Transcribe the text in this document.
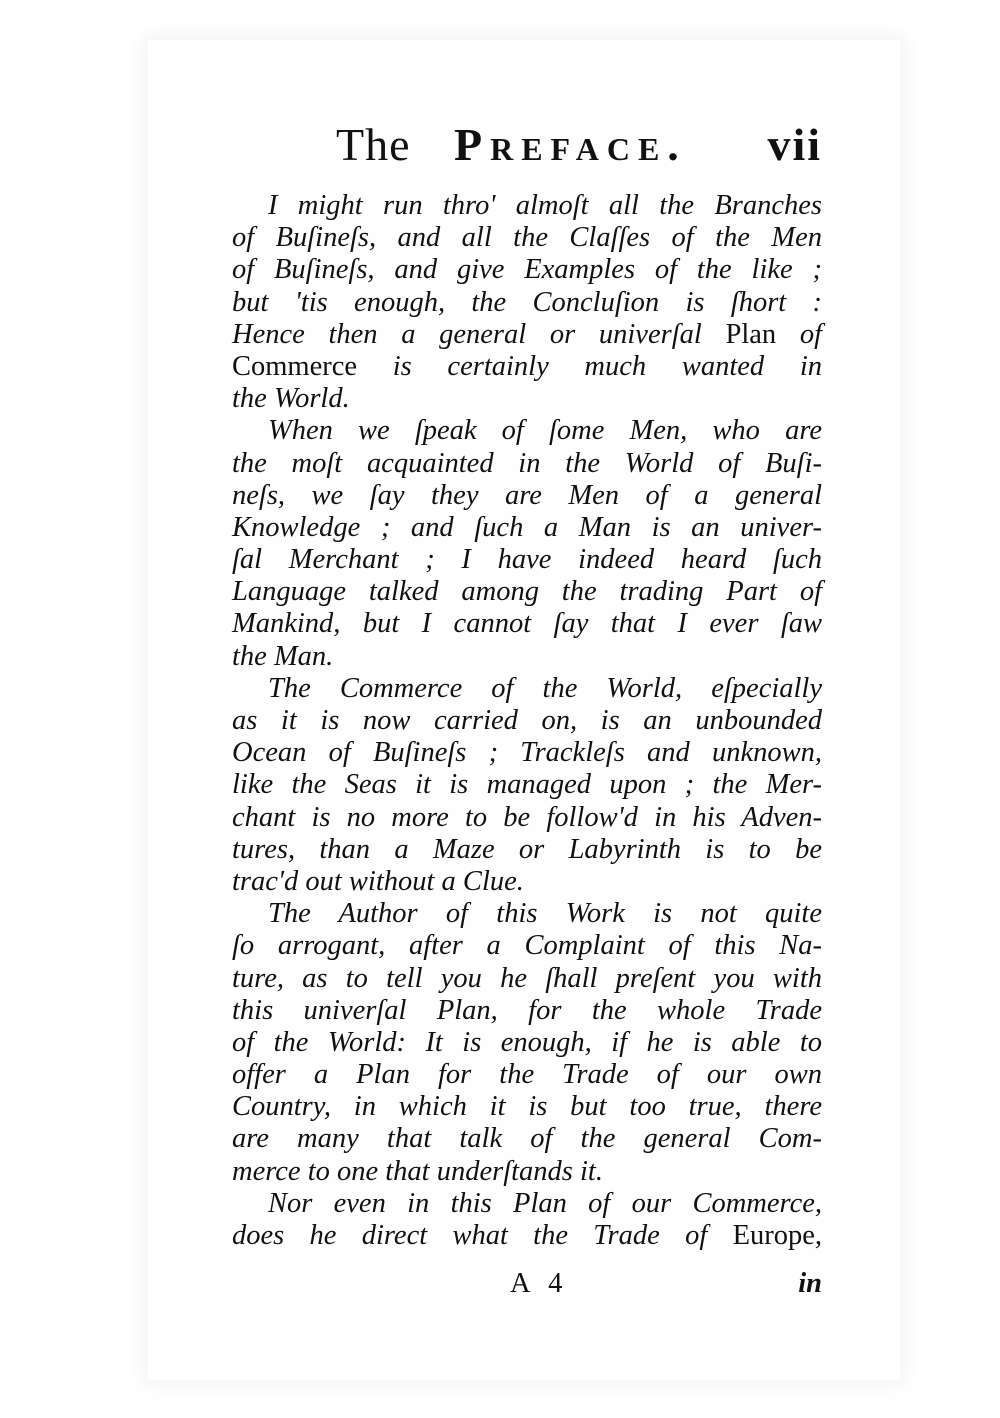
The Preface. vii
I might run thro' almoſt all the Branches
of Buſineſs, and all the Claſſes of the Men
of Buſineſs, and give Examples of the like ;
but 'tis enough, the Concluſion is ſhort :
Hence then a general or univerſal Plan of
Commerce is certainly much wanted in
the World.
When we ſpeak of ſome Men, who are
the moſt acquainted in the World of Buſi-
neſs, we ſay they are Men of a general
Knowledge ; and ſuch a Man is an univer-
ſal Merchant ; I have indeed heard ſuch
Language talked among the trading Part of
Mankind, but I cannot ſay that I ever ſaw
the Man.
The Commerce of the World, eſpecially
as it is now carried on, is an unbounded
Ocean of Buſineſs ; Trackleſs and unknown,
like the Seas it is managed upon ; the Mer-
chant is no more to be follow'd in his Adven-
tures, than a Maze or Labyrinth is to be
trac'd out without a Clue.
The Author of this Work is not quite
ſo arrogant, after a Complaint of this Na-
ture, as to tell you he ſhall preſent you with
this univerſal Plan, for the whole Trade
of the World: It is enough, if he is able to
offer a Plan for the Trade of our own
Country, in which it is but too true, there
are many that talk of the general Com-
merce to one that underſtands it.
Nor even in this Plan of our Commerce,
does he direct what the Trade of Europe,
A 4	in
